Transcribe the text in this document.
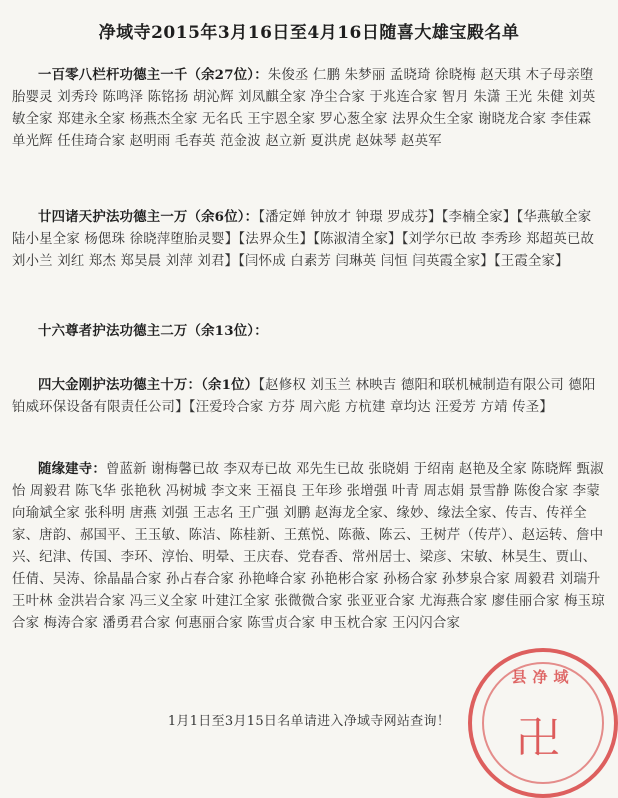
净域寺2015年3月16日至4月16日随喜大雄宝殿名单
一百零八栏杆功德主一千（余27位）：朱俊丞 仁鹏 朱梦丽 孟晓琦 徐晓梅 赵天琪 木子母亲堕胎婴灵 刘秀玲 陈鸣泽 陈铭扬 胡沁辉 刘凤麒全家 净尘合家 于兆连合家 智月 朱潇 王光 朱健 刘英敏全家 郑建永全家 杨燕杰全家 无名氏 王宇恩全家 罗心葱全家 法界众生全家 谢晓龙合家 李佳霖 单光辉 任佳琦合家 赵明雨 毛春英 范金波 赵立新 夏洪虎 赵妹琴 赵英军
廿四诸天护法功德主一万（余6位）：【潘定婵 钟放才 钟璟 罗成芬】【李楠全家】【华燕敏全家 陆小星全家 杨偲珠 徐晓萍堕胎灵婴】【法界众生】【陈淑清全家】【刘学尔已故 李秀珍 郑超英已故 刘小兰 刘红 郑杰 郑昊晨 刘萍 刘君】【闫怀成 白素芳 闫琳英 闫恒 闫英霞全家】【王霞全家】
十六尊者护法功德主二万（余13位）：
四大金刚护法功德主十万：（余1位）【赵修权 刘玉兰 林映吉 德阳和联机械制造有限公司 德阳铂威环保设备有限责任公司】【汪爱玲合家 方芬 周六彪 方杭建 章均达 汪爱芳 方靖 传圣】
随缘建寺：曾蓝新 谢梅馨已故 李双寿已故 邓先生已故 张晓娟 于绍南 赵艳及全家 陈晓辉 甄淑怡 周毅君 陈飞华 张艳秋 冯树城 李文来 王福良 王年珍 张增强 叶青 周志娟 景雪静 陈俊合家 李蒙 向瑜斌全家 张科明 唐燕 刘强 王志名 王广强 刘鹏 赵海龙全家、缘妙、缘法全家、传吉、传祥全家、唐韵、郝国平、王玉敏、陈洁、陈桂新、王蕉悦、陈薇、陈云、王树芹（传芹）、赵运转、詹中兴、纪津、传国、李环、淳怡、明晕、王庆春、党春香、常州居士、梁彦、宋敏、林昊生、贾山、任倩、吴涛、徐晶晶合家 孙占春合家 孙艳峰合家 孙艳彬合家 孙杨合家 孙梦泉合家 周毅君 刘瑞升 王叶林 金洪岩合家 冯三义全家 叶建江全家 张微微合家 张亚亚合家 尤海燕合家 廖佳丽合家 梅玉琼合家 梅涛合家 潘勇君合家 何惠丽合家 陈雪贞合家 申玉枕合家 王闪闪合家
1月1日至3月15日名单请进入净域寺网站查询！
县净域
卍
